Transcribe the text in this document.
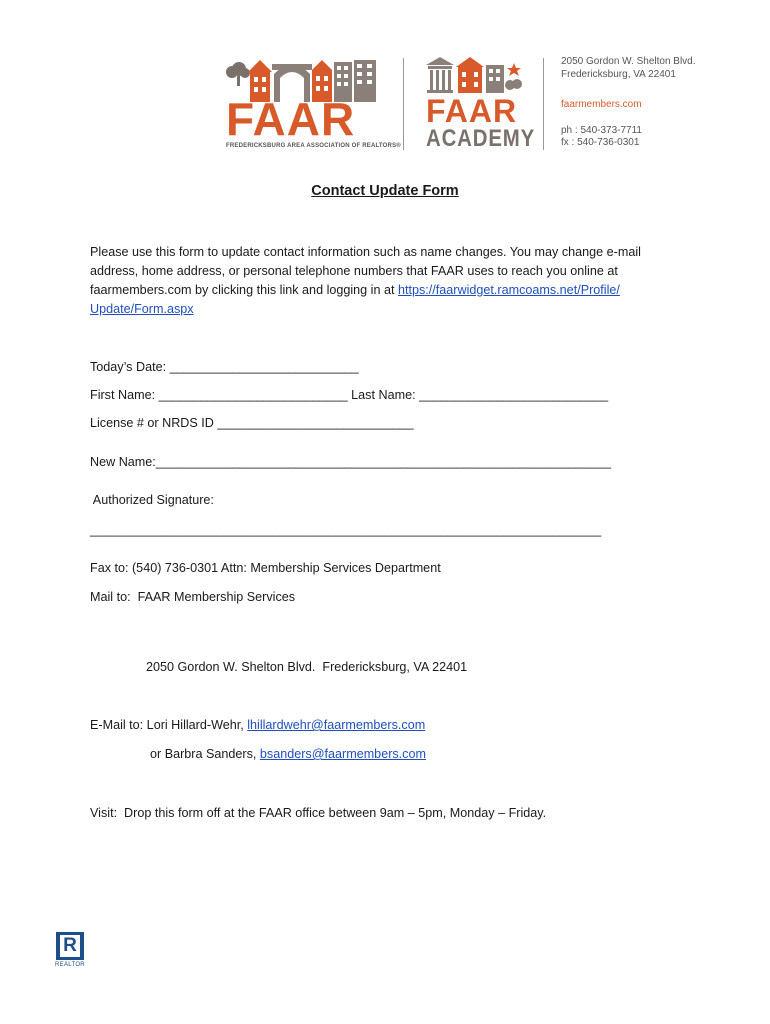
FAAR
FREDERICKSBURG AREA ASSOCIATION OF REALTORS®
FAAR
ACADEMY
2050 Gordon W. Shelton Blvd.
Fredericksburg, VA 22401
faarmembers.com
ph : 540-373-7711
fx : 540-736-0301
Contact Update Form
Please use this form to update contact information such as name changes. You may change e-mail
address, home address, or personal telephone numbers that FAAR uses to reach you online at
faarmembers.com by clicking this link and logging in at https://faarwidget.ramcoams.net/Profile/
Update/Form.aspx
Today’s Date: ___________________________
First Name: ___________________________ Last Name: ___________________________
License # or NRDS ID ____________________________
New Name:_________________________________________________________________
Authorized Signature:
_________________________________________________________________________
Fax to: (540) 736-0301 Attn: Membership Services Department
Mail to:  FAAR Membership Services
2050 Gordon W. Shelton Blvd.  Fredericksburg, VA 22401
E-Mail to: Lori Hillard-Wehr, lhillardwehr@faarmembers.com
or Barbra Sanders, bsanders@faarmembers.com
Visit:  Drop this form off at the FAAR office between 9am – 5pm, Monday – Friday.
R
REALTOR
